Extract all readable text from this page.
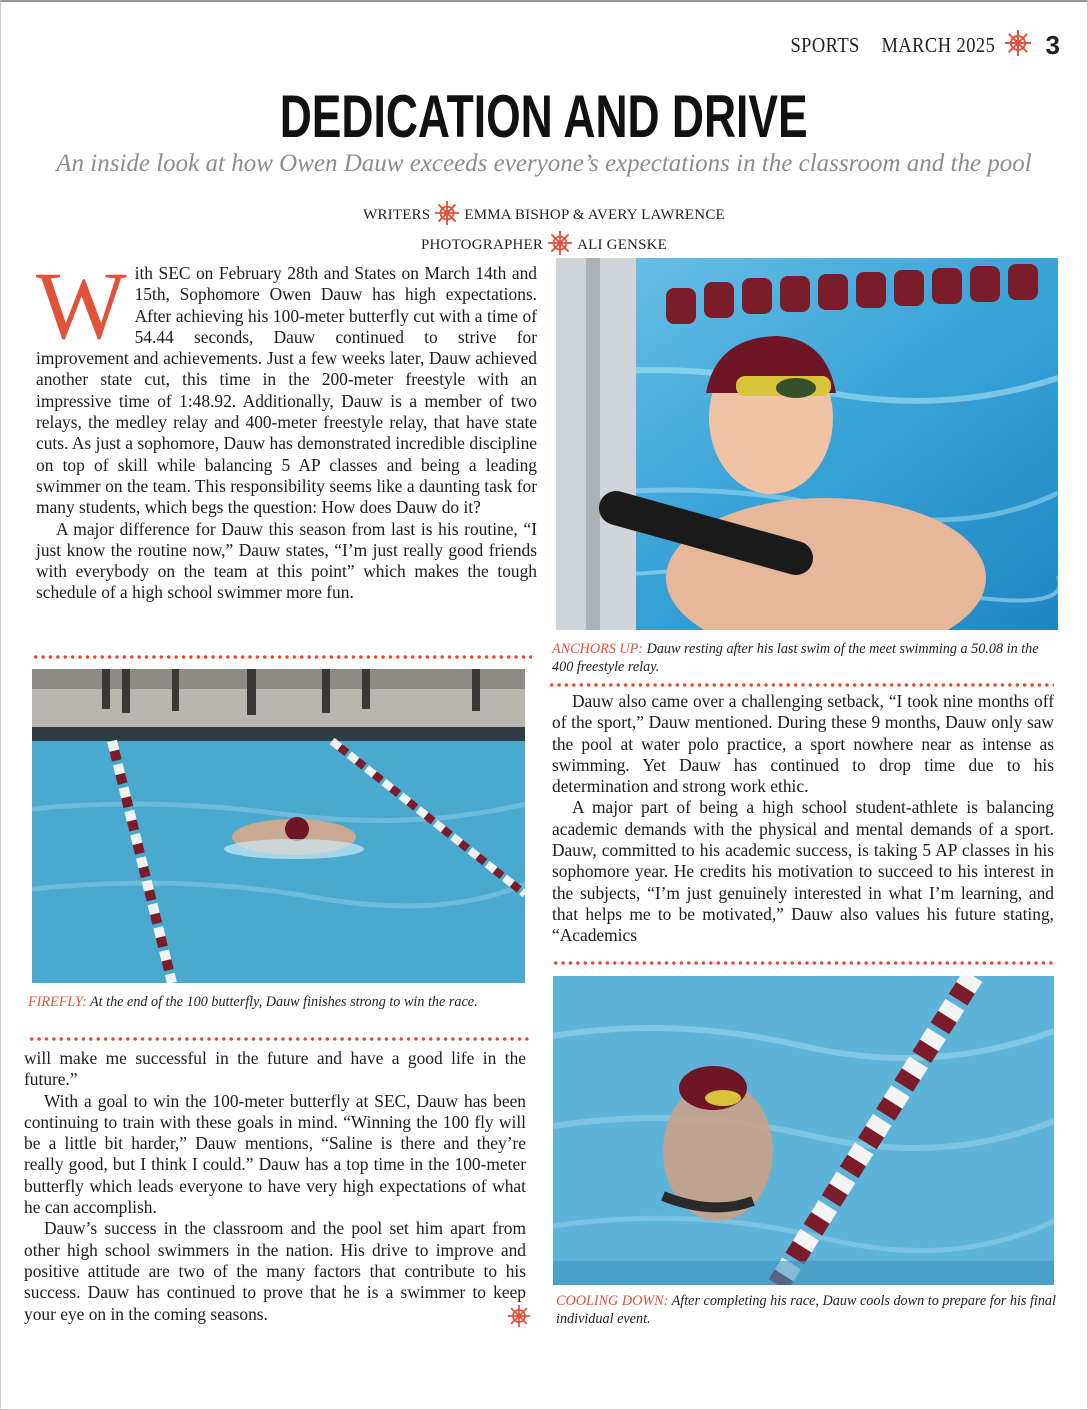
SPORTS MARCH 2025 3
DEDICATION AND DRIVE
An inside look at how Owen Dauw exceeds everyone’s expectations in the classroom and the pool
WRITERS EMMA BISHOP & AVERY LAWRENCE
PHOTOGRAPHER ALI GENSKE
W ith SEC on February 28th and States on March 14th and 15th, Sophomore Owen Dauw has high expectations. After achieving his 100-meter butterfly cut with a time of 54.44 seconds, Dauw continued to strive for improvement and achievements. Just a few weeks later, Dauw achieved another state cut, this time in the 200-meter freestyle with an impressive time of 1:48.92. Additionally, Dauw is a member of two relays, the medley relay and 400-meter freestyle relay, that have state cuts. As just a sophomore, Dauw has demonstrated incredible discipline on top of skill while balancing 5 AP classes and being a leading swimmer on the team. This responsibility seems like a daunting task for many students, which begs the question: How does Dauw do it?

A major difference for Dauw this season from last is his routine, “I just know the routine now,” Dauw states, “I’m just really good friends with everybody on the team at this point” which makes the tough schedule of a high school swimmer more fun.

ANCHORS UP: Dauw resting after his last swim of the meet swimming a 50.08 in the 400 freestyle relay.

Dauw also came over a challenging setback, “I took nine months off of the sport,” Dauw mentioned. During these 9 months, Dauw only saw the pool at water polo practice, a sport nowhere near as intense as swimming. Yet Dauw has continued to drop time due to his determination and strong work ethic.

A major part of being a high school student-athlete is balancing academic demands with the physical and mental demands of a sport. Dauw, committed to his academic success, is taking 5 AP classes in his sophomore year. He credits his motivation to succeed to his interest in the subjects, “I’m just genuinely interested in what I’m learning, and that helps me to be motivated,” Dauw also values his future stating, “Academics

FIREFLY: At the end of the 100 butterfly, Dauw finishes strong to win the race.

will make me successful in the future and have a good life in the future.”

With a goal to win the 100-meter butterfly at SEC, Dauw has been continuing to train with these goals in mind. “Winning the 100 fly will be a little bit harder,” Dauw mentions, “Saline is there and they’re really good, but I think I could.” Dauw has a top time in the 100-meter butterfly which leads everyone to have very high expectations of what he can accomplish.

Dauw’s success in the classroom and the pool set him apart from other high school swimmers in the nation. His drive to improve and positive attitude are two of the many factors that contribute to his success. Dauw has continued to prove that he is a swimmer to keep your eye on in the coming seasons.

COOLING DOWN: After completing his race, Dauw cools down to prepare for his final individual event.
